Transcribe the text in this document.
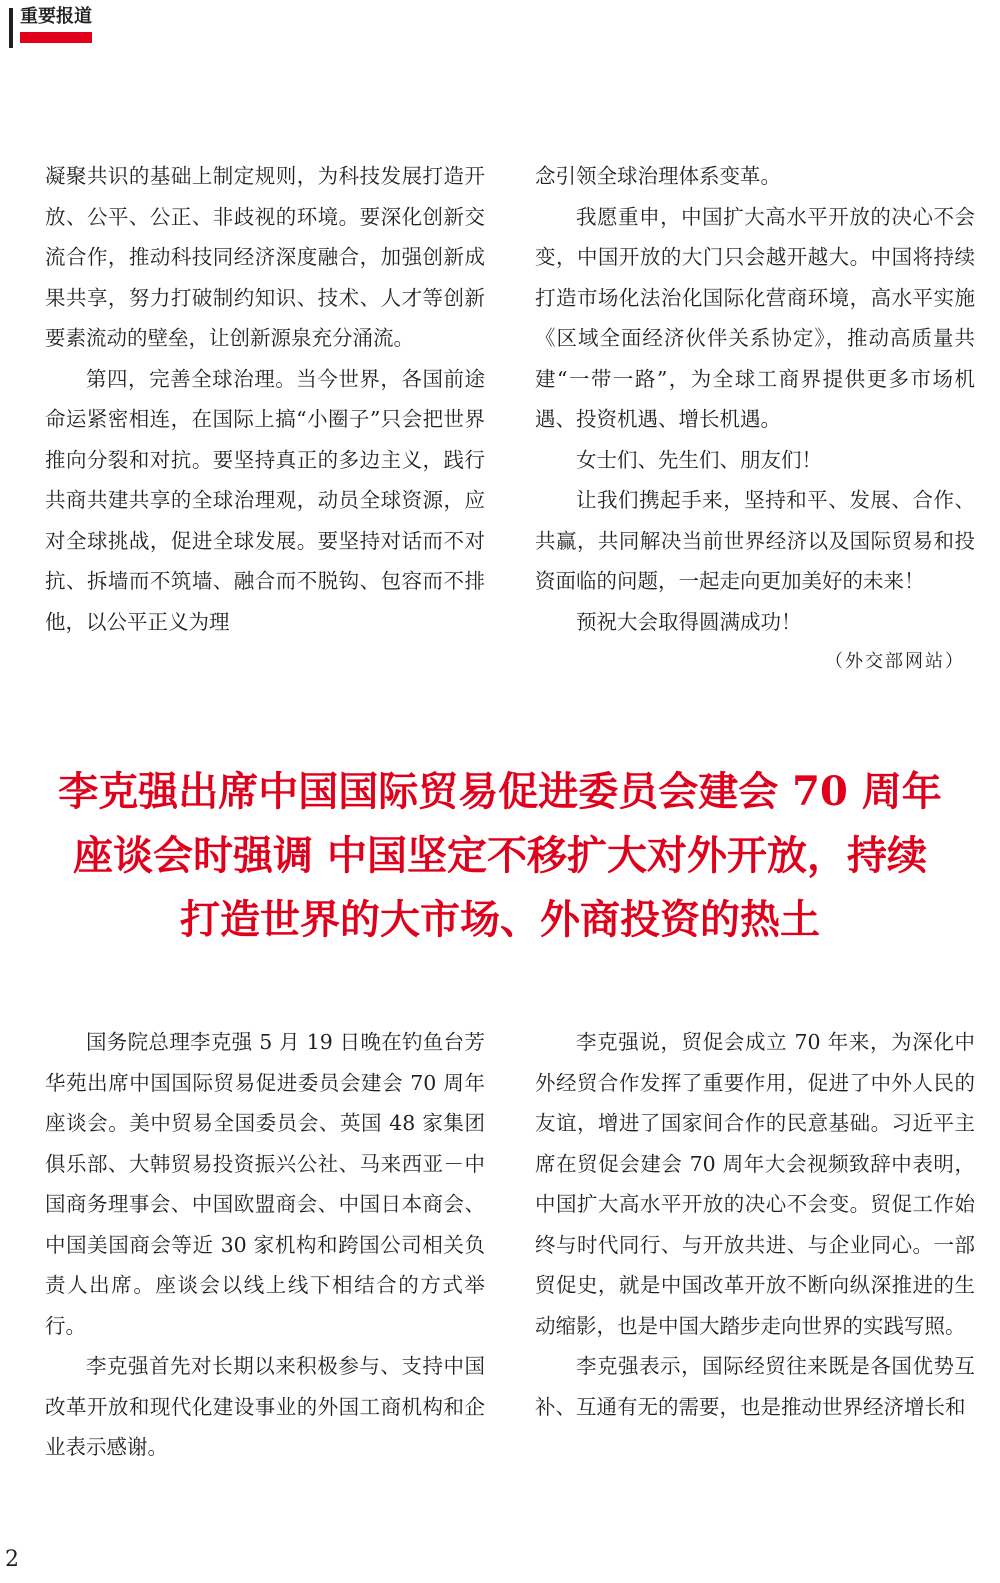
重要报道

凝聚共识的基础上制定规则，为科技发展打造开放、公平、公正、非歧视的环境。要深化创新交流合作，推动科技同经济深度融合，加强创新成果共享，努力打破制约知识、技术、人才等创新要素流动的壁垒，让创新源泉充分涌流。

第四，完善全球治理。当今世界，各国前途命运紧密相连，在国际上搞“小圈子”只会把世界推向分裂和对抗。要坚持真正的多边主义，践行共商共建共享的全球治理观，动员全球资源，应对全球挑战，促进全球发展。要坚持对话而不对抗、拆墙而不筑墙、融合而不脱钩、包容而不排他，以公平正义为理

念引领全球治理体系变革。

我愿重申，中国扩大高水平开放的决心不会变，中国开放的大门只会越开越大。中国将持续打造市场化法治化国际化营商环境，高水平实施《区域全面经济伙伴关系协定》，推动高质量共建“一带一路”，为全球工商界提供更多市场机遇、投资机遇、增长机遇。

女士们、先生们、朋友们！

让我们携起手来，坚持和平、发展、合作、共赢，共同解决当前世界经济以及国际贸易和投资面临的问题，一起走向更加美好的未来！

预祝大会取得圆满成功！

（外交部网站）

李克强出席中国国际贸易促进委员会建会 70 周年
座谈会时强调 中国坚定不移扩大对外开放，持续
打造世界的大市场、外商投资的热土

国务院总理李克强 5 月 19 日晚在钓鱼台芳华苑出席中国国际贸易促进委员会建会 70 周年座谈会。美中贸易全国委员会、英国 48 家集团俱乐部、大韩贸易投资振兴公社、马来西亚－中国商务理事会、中国欧盟商会、中国日本商会、中国美国商会等近 30 家机构和跨国公司相关负责人出席。座谈会以线上线下相结合的方式举行。

李克强首先对长期以来积极参与、支持中国改革开放和现代化建设事业的外国工商机构和企业表示感谢。

李克强说，贸促会成立 70 年来，为深化中外经贸合作发挥了重要作用，促进了中外人民的友谊，增进了国家间合作的民意基础。习近平主席在贸促会建会 70 周年大会视频致辞中表明，中国扩大高水平开放的决心不会变。贸促工作始终与时代同行、与开放共进、与企业同心。一部贸促史，就是中国改革开放不断向纵深推进的生动缩影，也是中国大踏步走向世界的实践写照。

李克强表示，国际经贸往来既是各国优势互补、互通有无的需要，也是推动世界经济增长和

2
